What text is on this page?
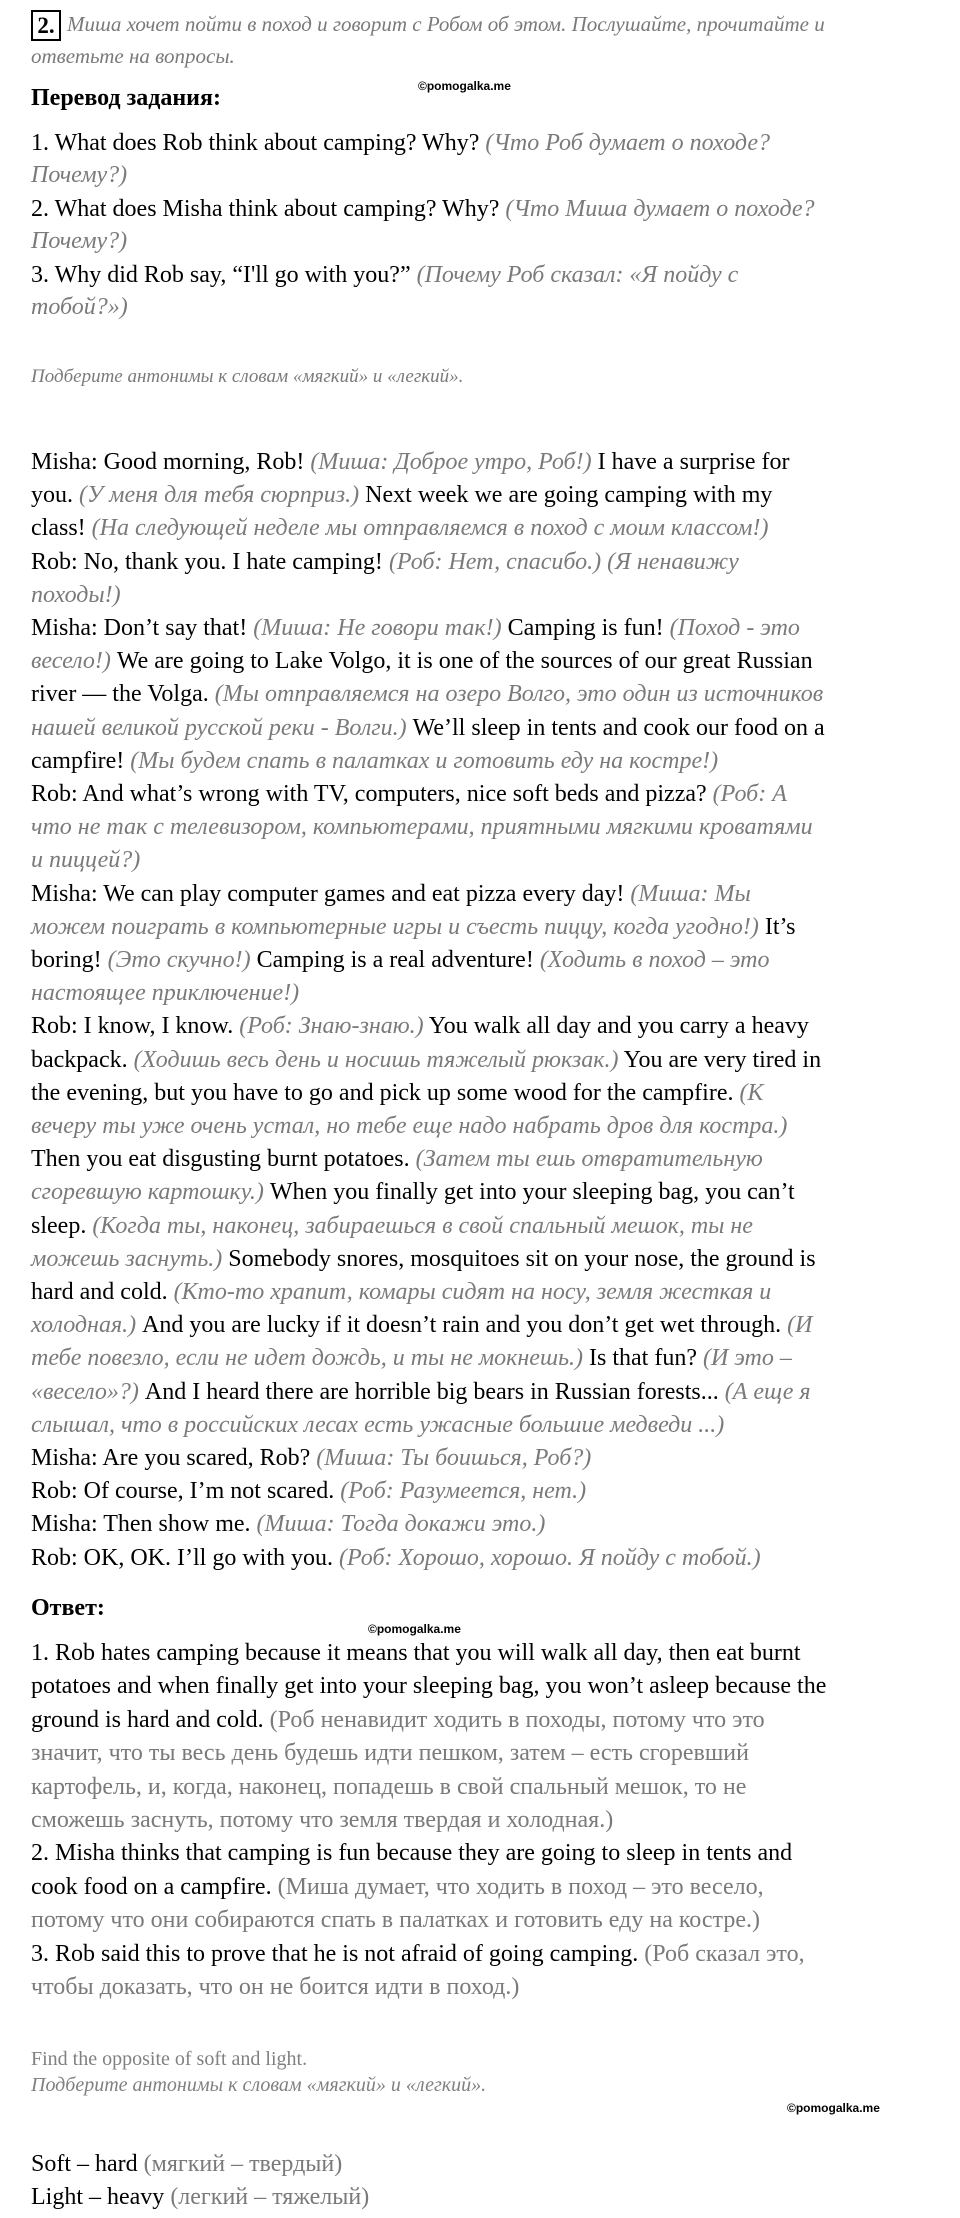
2. Миша хочет пойти в поход и говорит с Робом об этом. Послушайте, прочитайте и
ответьте на вопросы.
©pomogalka.me
Перевод задания:
1. What does Rob think about camping? Why? (Что Роб думает о походе?
Почему?)
2. What does Misha think about camping? Why? (Что Миша думает о походе?
Почему?)
3. Why did Rob say, “I'll go with you?” (Почему Роб сказал: «Я пойду с
тобой?»)
Подберите антонимы к словам «мягкий» и «легкий».
Misha: Good morning, Rob! (Миша: Доброе утро, Роб!) I have a surprise for
you. (У меня для тебя сюрприз.) Next week we are going camping with my
class! (На следующей неделе мы отправляемся в поход с моим классом!)
Rob: No, thank you. I hate camping! (Роб: Нет, спасибо.) (Я ненавижу
походы!)
Misha: Don’t say that! (Миша: Не говори так!) Camping is fun! (Поход - это
весело!) We are going to Lake Volgo, it is one of the sources of our great Russian
river — the Volga. (Мы отправляемся на озеро Волго, это один из источников
нашей великой русской реки - Волги.) We’ll sleep in tents and cook our food on a
campfire! (Мы будем спать в палатках и готовить еду на костре!)
Rob: And what’s wrong with TV, computers, nice soft beds and pizza? (Роб: А
что не так с телевизором, компьютерами, приятными мягкими кроватями
и пиццей?)
Misha: We can play computer games and eat pizza every day! (Миша: Мы
можем поиграть в компьютерные игры и съесть пиццу, когда угодно!) It’s
boring! (Это скучно!) Camping is a real adventure! (Ходить в поход – это
настоящее приключение!)
Rob: I know, I know. (Роб: Знаю-знаю.) You walk all day and you carry a heavy
backpack. (Ходишь весь день и носишь тяжелый рюкзак.) You are very tired in
the evening, but you have to go and pick up some wood for the campfire. (К
вечеру ты уже очень устал, но тебе еще надо набрать дров для костра.)
Then you eat disgusting burnt potatoes. (Затем ты ешь отвратительную
сгоревшую картошку.) When you finally get into your sleeping bag, you can’t
sleep. (Когда ты, наконец, забираешься в свой спальный мешок, ты не
можешь заснуть.) Somebody snores, mosquitoes sit on your nose, the ground is
hard and cold. (Кто-то храпит, комары сидят на носу, земля жесткая и
холодная.) And you are lucky if it doesn’t rain and you don’t get wet through. (И
тебе повезло, если не идет дождь, и ты не мокнешь.) Is that fun? (И это –
«весело»?) And I heard there are horrible big bears in Russian forests... (А еще я
слышал, что в российских лесах есть ужасные большие медведи ...)
Misha: Are you scared, Rob? (Миша: Ты боишься, Роб?)
Rob: Of course, I’m not scared. (Роб: Разумеется, нет.)
Misha: Then show me. (Миша: Тогда докажи это.)
Rob: OK, OK. I’ll go with you. (Роб: Хорошо, хорошо. Я пойду с тобой.)
Ответ:
©pomogalka.me
1. Rob hates camping because it means that you will walk all day, then eat burnt
potatoes and when finally get into your sleeping bag, you won’t asleep because the
ground is hard and cold. (Роб ненавидит ходить в походы, потому что это
значит, что ты весь день будешь идти пешком, затем – есть сгоревший
картофель, и, когда, наконец, попадешь в свой спальный мешок, то не
сможешь заснуть, потому что земля твердая и холодная.)
2. Misha thinks that camping is fun because they are going to sleep in tents and
cook food on a campfire. (Миша думает, что ходить в поход – это весело,
потому что они собираются спать в палатках и готовить еду на костре.)
3. Rob said this to prove that he is not afraid of going camping. (Роб сказал это,
чтобы доказать, что он не боится идти в поход.)
Find the opposite of soft and light.
Подберите антонимы к словам «мягкий» и «легкий».
©pomogalka.me
Soft – hard (мягкий – твердый)
Light – heavy (легкий – тяжелый)
